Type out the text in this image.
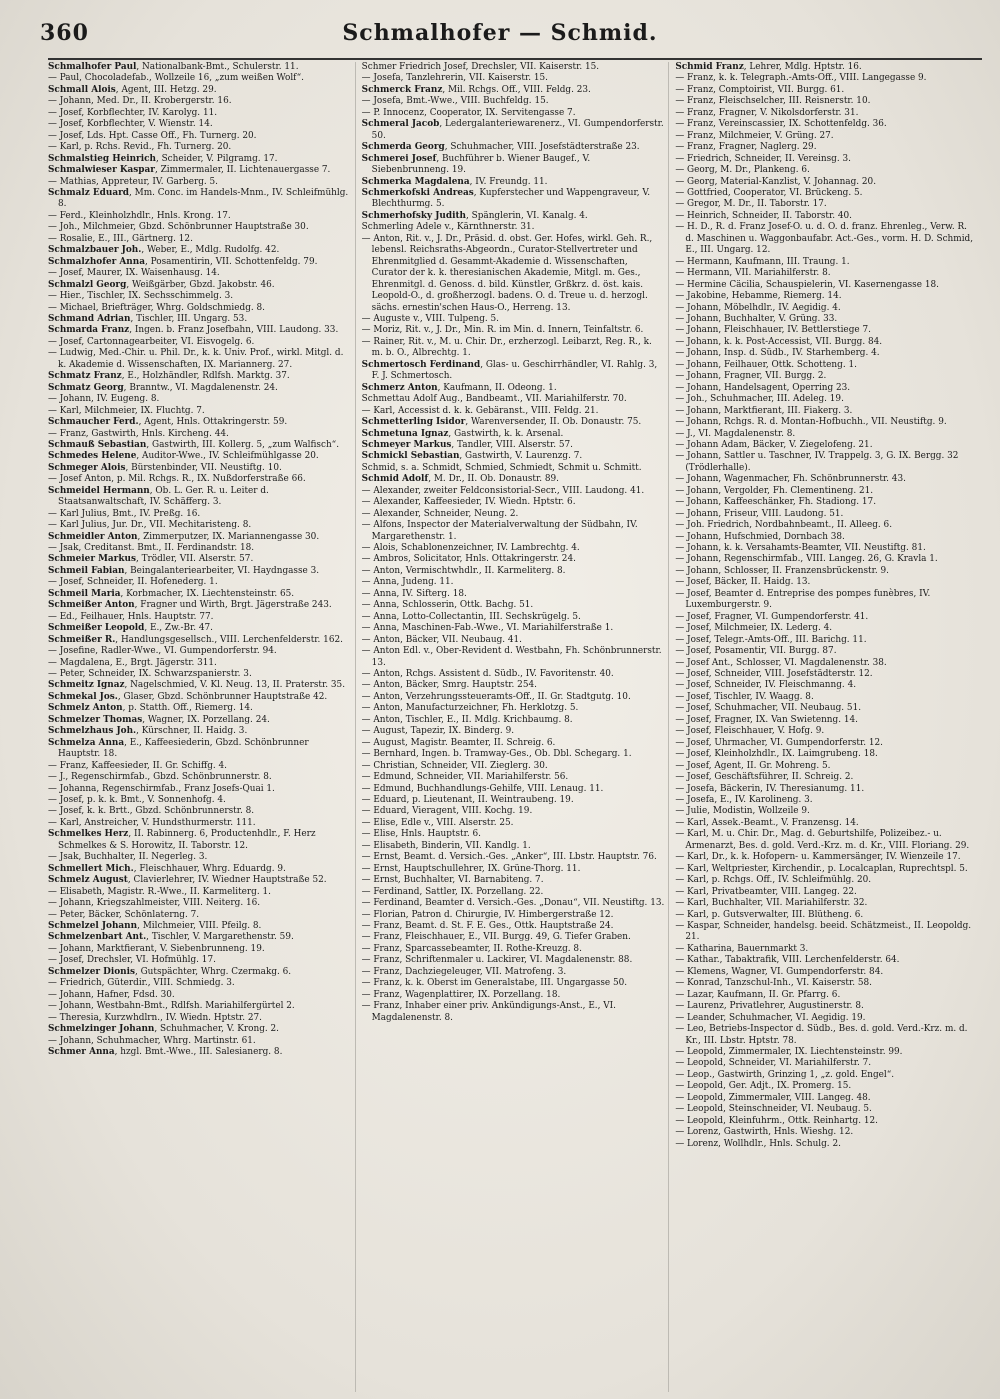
360	Schmalhofer — Schmid.

Schmalhofer Paul, Nationalbank-Bmt., Schulerstr. 11.

— Paul, Chocoladefab., Wollzeile 16, „zum weißen Wolf“.

Schmall Alois, Agent, III. Hetzg. 29.

— Johann, Med. Dr., II. Krobergerstr. 16.

— Josef, Korbflechter, IV. Karolyg. 11.

— Josef, Korbflechter, V. Wienstr. 14.

— Josef, Lds. Hpt. Casse Off., Fh. Turnerg. 20.

— Karl, p. Rchs. Revid., Fh. Turnerg. 20.

Schmalstieg Heinrich, Scheider, V. Pilgramg. 17.

Schmalwieser Kaspar, Zimmermaler, II. Lichtenauergasse 7.

— Mathias, Appreteur, IV. Garberg. 5.

Schmalz Eduard, Mm. Conc. im Handels-Mnm., IV. Schleifmühlg. 8.

— Ferd., Kleinholzhdlr., Hnls. Krong. 17.

— Joh., Milchmeier, Gbzd. Schönbrunner Hauptstraße 30.

— Rosalie, E., III., Gärtnerg. 12.

Schmalzbauer Joh., Weber, E., Mdlg. Rudolfg. 42.

Schmalzhofer Anna, Posamentirin, VII. Schottenfeldg. 79.

— Josef, Maurer, IX. Waisenhausg. 14.

Schmalzl Georg, Weißgärber, Gbzd. Jakobstr. 46.

— Hier., Tischler, IX. Sechsschimmelg. 3.

— Michael, Briefträger, Whrg. Goldschmiedg. 8.

Schmand Adrian, Tischler, III. Ungarg. 53.

Schmarda Franz, Ingen. b. Franz Josefbahn, VIII. Laudong. 33.

— Josef, Cartonnagearbeiter, VI. Eisvogelg. 6.

— Ludwig, Med.-Chir. u. Phil. Dr., k. k. Univ. Prof., wirkl. Mitgl. d. k. Akademie d. Wissenschaften, IX. Mariannerg. 27.

Schmatz Franz, E., Holzhändler, Rdlfsh. Marktg. 37.

Schmatz Georg, Branntw., VI. Magdalenenstr. 24.

— Johann, IV. Eugeng. 8.

— Karl, Milchmeier, IX. Fluchtg. 7.

Schmaucher Ferd., Agent, Hnls. Ottakringerstr. 59.

— Franz, Gastwirth, Hnls. Kircheng. 44.

Schmauß Sebastian, Gastwirth, III. Kollerg. 5, „zum Walfisch“.

Schmedes Helene, Auditor-Wwe., IV. Schleifmühlgasse 20.

Schmeger Alois, Bürstenbinder, VII. Neustiftg. 10.

— Josef Anton, p. Mil. Rchgs. R., IX. Nußdorferstraße 66.

Schmeidel Hermann, Ob. L. Ger. R. u. Leiter d. Staatsanwaltschaft, IV. Schäfferg. 3.

— Karl Julius, Bmt., IV. Preßg. 16.

— Karl Julius, Jur. Dr., VII. Mechitaristeng. 8.

Schmeidler Anton, Zimmerputzer, IX. Mariannengasse 30.

— Jsak, Creditanst. Bmt., II. Ferdinandstr. 18.

Schmeier Markus, Trödler, VII. Alserstr. 57.

Schmeil Fabian, Beingalanteriearbeiter, VI. Haydngasse 3.

— Josef, Schneider, II. Hofenederg. 1.

Schmeil Maria, Korbmacher, IX. Liechtensteinstr. 65.

Schmeißer Anton, Fragner und Wirth, Brgt. Jägerstraße 243.

— Ed., Feilhauer, Hnls. Hauptstr. 77.

Schmeißer Leopold, E., Zw.-Br. 47.

Schmeißer R., Handlungsgesellsch., VIII. Lerchenfelderstr. 162.

— Josefine, Radler-Wwe., VI. Gumpendorferstr. 94.

— Magdalena, E., Brgt. Jägerstr. 311.

— Peter, Schneider, IX. Schwarzspanierstr. 3.

Schmeitz Ignaz, Nagelschmied, V. Kl. Neug. 13, II. Praterstr. 35.

Schmekal Jos., Glaser, Gbzd. Schönbrunner Hauptstraße 42.

Schmelz Anton, p. Statth. Off., Riemerg. 14.

Schmelzer Thomas, Wagner, IX. Porzellang. 24.

Schmelzhaus Joh., Kürschner, II. Haidg. 3.

Schmelza Anna, E., Kaffeesiederin, Gbzd. Schönbrunner Hauptstr. 18.

— Franz, Kaffeesieder, II. Gr. Schiffg. 4.

— J., Regenschirmfab., Gbzd. Schönbrunnerstr. 8.

— Johanna, Regenschirmfab., Franz Josefs-Quai 1.

— Josef, p. k. k. Bmt., V. Sonnenhofg. 4.

— Josef, k. k. Brtt., Gbzd. Schönbrunnerstr. 8.

— Karl, Anstreicher, V. Hundsthurmerstr. 111.

Schmelkes Herz, II. Rabinnerg. 6, Productenhdlr., F. Herz Schmelkes & S. Horowitz, II. Taborstr. 12.

— Jsak, Buchhalter, II. Negerleg. 3.

Schmellert Mich., Fleischhauer, Whrg. Eduardg. 9.

Schmelz August, Clavierlehrer, IV. Wiedner Hauptstraße 52.

— Elisabeth, Magistr. R.-Wwe., II. Karmeliterg. 1.

— Johann, Kriegszahlmeister, VIII. Neiterg. 16.

— Peter, Bäcker, Schönlaterng. 7.

Schmelzel Johann, Milchmeier, VIII. Pfeilg. 8.

Schmelzenbart Ant., Tischler, V. Margarethenstr. 59.

— Johann, Marktfierant, V. Siebenbrunneng. 19.

— Josef, Drechsler, VI. Hofmühlg. 17.

Schmelzer Dionis, Gutspächter, Whrg. Czermakg. 6.

— Friedrich, Güterdir., VIII. Schmiedg. 3.

— Johann, Hafner, Fdsd. 30.

— Johann, Westbahn-Bmt., Rdlfsh. Mariahilfergürtel 2.

— Theresia, Kurzwhdlrn., IV. Wiedn. Hptstr. 27.

Schmelzinger Johann, Schuhmacher, V. Krong. 2.

— Johann, Schuhmacher, Whrg. Martinstr. 61.

Schmer Anna, hzgl. Bmt.-Wwe., III. Salesianerg. 8.

Schmer Friedrich Josef, Drechsler, VII. Kaiserstr. 15.

— Josefa, Tanzlehrerin, VII. Kaiserstr. 15.

Schmerck Franz, Mil. Rchgs. Off., VIII. Feldg. 23.

— Josefa, Bmt.-Wwe., VIII. Buchfeldg. 15.

— P. Innocenz, Cooperator, IX. Servitengasse 7.

Schmeral Jacob, Ledergalanteriewarenerz., VI. Gumpendorferstr. 50.

Schmerda Georg, Schuhmacher, VIII. Josefstädterstraße 23.

Schmerei Josef, Buchführer b. Wiener Baugef., V. Siebenbrunneng. 19.

Schmerka Magdalena, IV. Freundg. 11.

Schmerkofski Andreas, Kupferstecher und Wappengraveur, V. Blechthurmg. 5.

Schmerhofsky Judith, Spänglerin, VI. Kanalg. 4.

Schmerling Adele v., Kärnthnerstr. 31.

— Anton, Rit. v., J. Dr., Präsid. d. obst. Ger. Hofes, wirkl. Geh. R., lebensl. Reichsraths-Abgeordn., Curator-Stellvertreter und Ehrenmitglied d. Gesammt-Akademie d. Wissenschaften, Curator der k. k. theresianischen Akademie, Mitgl. m. Ges., Ehrenmitgl. d. Genoss. d. bild. Künstler, Grßkrz. d. öst. kais. Leopold-O., d. großherzogl. badens. O. d. Treue u. d. herzogl. sächs. ernestin'schen Haus-O., Herreng. 13.

— Auguste v., VIII. Tulpeng. 5.

— Moriz, Rit. v., J. Dr., Min. R. im Min. d. Innern, Teinfaltstr. 6.

— Rainer, Rit. v., M. u. Chir. Dr., erzherzogl. Leibarzt, Reg. R., k. m. b. O., Albrechtg. 1.

Schmertosch Ferdinand, Glas- u. Geschirrhändler, VI. Rahlg. 3, F. J. Schmertosch.

Schmerz Anton, Kaufmann, II. Odeong. 1.

Schmettau Adolf Aug., Bandbeamt., VII. Mariahilferstr. 70.

— Karl, Accessist d. k. k. Gebäranst., VIII. Feldg. 21.

Schmetterling Isidor, Warenversender, II. Ob. Donaustr. 75.

Schmetuna Ignaz, Gastwirth, k. k. Arsenal.

Schmeyer Markus, Tandler, VIII. Alserstr. 57.

Schmickl Sebastian, Gastwirth, V. Laurenzg. 7.

Schmid, s. a. Schmidt, Schmied, Schmiedt, Schmit u. Schmitt.

Schmid Adolf, M. Dr., II. Ob. Donaustr. 89.

— Alexander, zweiter Feldconsistorial-Secr., VIII. Laudong. 41.

— Alexander, Kaffeesieder, IV. Wiedn. Hptstr. 6.

— Alexander, Schneider, Neung. 2.

— Alfons, Inspector der Materialverwaltung der Südbahn, IV. Margarethenstr. 1.

— Alois, Schablonenzeichner, IV. Lambrechtg. 4.

— Ambros, Solicitator, Hnls. Ottakringerstr. 24.

— Anton, Vermischtwhdlr., II. Karmeliterg. 8.

— Anna, Judeng. 11.

— Anna, IV. Sifterg. 18.

— Anna, Schlosserin, Ottk. Bachg. 51.

— Anna, Lotto-Collectantin, III. Sechskrügelg. 5.

— Anna, Maschinen-Fab.-Wwe., VI. Mariahilferstraße 1.

— Anton, Bäcker, VII. Neubaug. 41.

— Anton Edl. v., Ober-Revident d. Westbahn, Fh. Schönbrunnerstr. 13.

— Anton, Rchgs. Assistent d. Südb., IV. Favoritenstr. 40.

— Anton, Bäcker, Smrg. Hauptstr. 254.

— Anton, Verzehrungssteueramts-Off., II. Gr. Stadtgutg. 10.

— Anton, Manufacturzeichner, Fh. Herklotzg. 5.

— Anton, Tischler, E., II. Mdlg. Krichbaumg. 8.

— August, Tapezir, IX. Binderg. 9.

— August, Magistr. Beamter, II. Schreig. 6.

— Bernhard, Ingen. b. Tramway-Ges., Ob. Dbl. Schegarg. 1.

— Christian, Schneider, VII. Zieglerg. 30.

— Edmund, Schneider, VII. Mariahilferstr. 56.

— Edmund, Buchhandlungs-Gehilfe, VIII. Lenaug. 11.

— Eduard, p. Lieutenant, II. Weintraubeng. 19.

— Eduard, Vieragent, VIII. Kochg. 19.

— Elise, Edle v., VIII. Alserstr. 25.

— Elise, Hnls. Hauptstr. 6.

— Elisabeth, Binderin, VII. Kandlg. 1.

— Ernst, Beamt. d. Versich.-Ges. „Anker“, III. Lbstr. Hauptstr. 76.

— Ernst, Hauptschullehrer, IX. Grüne-Thorg. 11.

— Ernst, Buchhalter, VI. Barnabiteng. 7.

— Ferdinand, Sattler, IX. Porzellang. 22.

— Ferdinand, Beamter d. Versich.-Ges. „Donau“, VII. Neustiftg. 13.

— Florian, Patron d. Chirurgie, IV. Himbergerstraße 12.

— Franz, Beamt. d. St. F. E. Ges., Ottk. Hauptstraße 24.

— Franz, Fleischhauer, E., VII. Burgg. 49, G. Tiefer Graben.

— Franz, Sparcassebeamter, II. Rothe-Kreuzg. 8.

— Franz, Schriftenmaler u. Lackirer, VI. Magdalenenstr. 88.

— Franz, Dachziegeleuger, VII. Matrofeng. 3.

— Franz, k. k. Oberst im Generalstabe, III. Ungargasse 50.

— Franz, Wagenplattirer, IX. Porzellang. 18.

— Franz, Inhaber einer priv. Ankündigungs-Anst., E., VI. Magdalenenstr. 8.

Schmid Franz, Lehrer, Mdlg. Hptstr. 16.

— Franz, k. k. Telegraph.-Amts-Off., VIII. Langegasse 9.

— Franz, Comptoirist, VII. Burgg. 61.

— Franz, Fleischselcher, III. Reisnerstr. 10.

— Franz, Fragner, V. Nikolsdorferstr. 31.

— Franz, Vereinscassier, IX. Schottenfeldg. 36.

— Franz, Milchmeier, V. Grüng. 27.

— Franz, Fragner, Naglerg. 29.

— Friedrich, Schneider, II. Vereinsg. 3.

— Georg, M. Dr., Plankeng. 6.

— Georg, Material-Kanzlist, V. Johannag. 20.

— Gottfried, Cooperator, VI. Brückeng. 5.

— Gregor, M. Dr., II. Taborstr. 17.

— Heinrich, Schneider, II. Taborstr. 40.

— H. D., R. d. Franz Josef-O. u. d. O. d. franz. Ehrenleg., Verw. R. d. Maschinen u. Waggonbaufabr. Act.-Ges., vorm. H. D. Schmid, E., III. Ungarg. 12.

— Hermann, Kaufmann, III. Traung. 1.

— Hermann, VII. Mariahilferstr. 8.

— Hermine Cäcilia, Schauspielerin, VI. Kasernengasse 18.

— Jakobine, Hebamme, Riemerg. 14.

— Johann, Möbelhdlr., IV. Aegidig. 4.

— Johann, Buchhalter, V. Grüng. 33.

— Johann, Fleischhauer, IV. Bettlerstiege 7.

— Johann, k. k. Post-Accessist, VII. Burgg. 84.

— Johann, Insp. d. Südb., IV. Starhemberg. 4.

— Johann, Feilhauer, Ottk. Schotteng. 1.

— Johann, Fragner, VII. Burgg. 2.

— Johann, Handelsagent, Operring 23.

— Joh., Schuhmacher, III. Adeleg. 19.

— Johann, Marktfierant, III. Fiakerg. 3.

— Johann, Rchgs. R. d. Montan-Hofbuchh., VII. Neustiftg. 9.

— J., VI. Magdalenenstr. 8.

— Johann Adam, Bäcker, V. Ziegelofeng. 21.

— Johann, Sattler u. Taschner, IV. Trappelg. 3, G. IX. Bergg. 32 (Trödlerhalle).

— Johann, Wagenmacher, Fh. Schönbrunnerstr. 43.

— Johann, Vergolder, Fh. Clementineng. 21.

— Johann, Kaffeeschänker, Fh. Stadiong. 17.

— Johann, Friseur, VIII. Laudong. 51.

— Joh. Friedrich, Nordbahnbeamt., II. Alleeg. 6.

— Johann, Hufschmied, Dornbach 38.

— Johann, k. k. Versahamts-Beamter, VII. Neustiftg. 81.

— Johann, Regenschirmfab., VIII. Langeg. 26, G. Kravla 1.

— Johann, Schlosser, II. Franzensbrückenstr. 9.

— Josef, Bäcker, II. Haidg. 13.

— Josef, Beamter d. Entreprise des pompes funèbres, IV. Luxemburgerstr. 9.

— Josef, Fragner, VI. Gumpendorferstr. 41.

— Josef, Milchmeier, IX. Lederg. 4.

— Josef, Telegr.-Amts-Off., III. Barichg. 11.

— Josef, Posamentir, VII. Burgg. 87.

— Josef Ant., Schlosser, VI. Magdalenenstr. 38.

— Josef, Schneider, VIII. Josefstädterstr. 12.

— Josef, Schneider, IV. Fleischmanng. 4.

— Josef, Tischler, IV. Waagg. 8.

— Josef, Schuhmacher, VII. Neubaug. 51.

— Josef, Fragner, IX. Van Swietenng. 14.

— Josef, Fleischhauer, V. Hofg. 9.

— Josef, Uhrmacher, VI. Gumpendorferstr. 12.

— Josef, Kleinholzhdlr., IX. Laimgrubeng. 18.

— Josef, Agent, II. Gr. Mohreng. 5.

— Josef, Geschäftsführer, II. Schreig. 2.

— Josefa, Bäckerin, IV. Theresianumg. 11.

— Josefa, E., IV. Karolineng. 3.

— Julie, Modistin, Wollzeile 9.

— Karl, Assek.-Beamt., V. Franzensg. 14.

— Karl, M. u. Chir. Dr., Mag. d. Geburtshilfe, Polizeibez.- u. Armenarzt, Bes. d. gold. Verd.-Krz. m. d. Kr., VIII. Floriang. 29.

— Karl, Dr., k. k. Hofopern- u. Kammersänger, IV. Wienzeile 17.

— Karl, Weltpriester, Kirchendir., p. Localcaplan, Ruprechtspl. 5.

— Karl, p. Rchgs. Off., IV. Schleifmühlg. 20.

— Karl, Privatbeamter, VIII. Langeg. 22.

— Karl, Buchhalter, VII. Mariahilferstr. 32.

— Karl, p. Gutsverwalter, III. Blütheng. 6.

— Kaspar, Schneider, handelsg. beeid. Schätzmeist., II. Leopoldg. 21.

— Katharina, Bauernmarkt 3.

— Kathar., Tabaktrafik, VIII. Lerchenfelderstr. 64.

— Klemens, Wagner, VI. Gumpendorferstr. 84.

— Konrad, Tanzschul-Inh., VI. Kaiserstr. 58.

— Lazar, Kaufmann, II. Gr. Pfarrg. 6.

— Laurenz, Privatlehrer, Augustinerstr. 8.

— Leander, Schuhmacher, VI. Aegidig. 19.

— Leo, Betriebs-Inspector d. Südb., Bes. d. gold. Verd.-Krz. m. d. Kr., III. Lbstr. Hptstr. 78.

— Leopold, Zimmermaler, IX. Liechtensteinstr. 99.

— Leopold, Schneider, VI. Mariahilferstr. 7.

— Leop., Gastwirth, Grinzing 1, „z. gold. Engel“.

— Leopold, Ger. Adjt., IX. Promerg. 15.

— Leopold, Zimmermaler, VIII. Langeg. 48.

— Leopold, Steinschneider, VI. Neubaug. 5.

— Leopold, Kleinfuhrm., Ottk. Reinhartg. 12.

— Lorenz, Gastwirth, Hnls. Wieshg. 12.

— Lorenz, Wollhdlr., Hnls. Schulg. 2.
